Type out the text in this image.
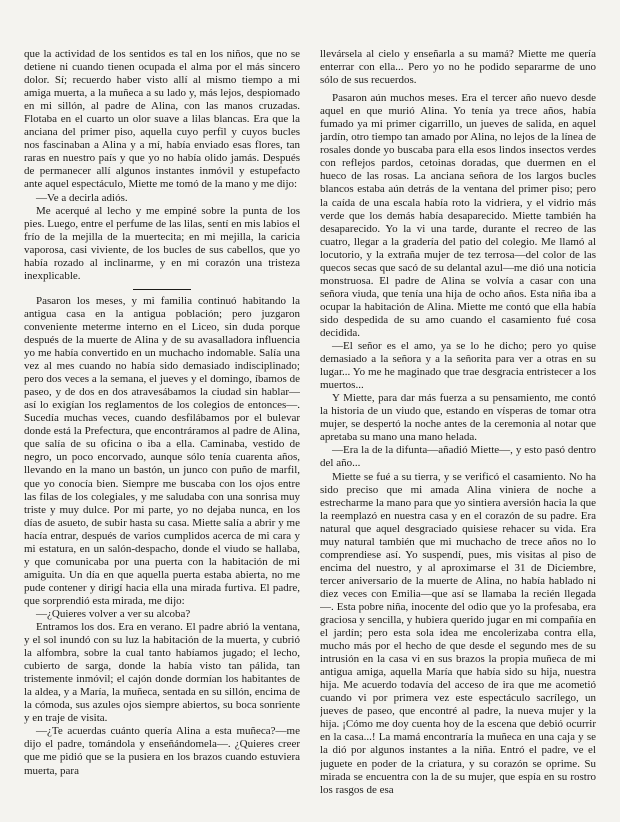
que la actividad de los sentidos es tal en los niños, que no se detiene ni cuando tienen ocupada el alma por el más sincero dolor. Sí; recuerdo haber visto allí al mismo tiempo a mi amiga muerta, a la muñeca a su lado y, más lejos, despiomado en mi sillón, al padre de Alina, con las manos cruzadas. Flotaba en el cuarto un olor suave a lilas blancas. Era que la anciana del primer piso, aquella cuyo perfil y cuyos bucles nos fascinaban a Alina y a mí, había enviado esas flores, tan raras en nuestro país y que yo no había olido jamás. Después de permanecer allí algunos instantes inmóvil y estupefacto ante aquel espectáculo, Miette me tomó de la mano y me dijo:

—Ve a decirla adiós.

Me acerqué al lecho y me empiné sobre la punta de los pies. Luego, entre el perfume de las lilas, sentí en mis labios el frío de la mejilla de la muertecita; en mi mejilla, la caricia vaporosa, casi viviente, de los bucles de sus cabellos, que yo había rozado al inclinarme, y en mi corazón una tristeza inexplicable.

Pasaron los meses, y mi familia continuó habitando la antigua casa en la antigua población; pero juzgaron conveniente meterme interno en el Liceo, sin duda porque después de la muerte de Alina y de su avasalladora influencia yo me había convertido en un muchacho indomable. Salía una vez al mes cuando no había sido demasiado indisciplinado; pero dos veces a la semana, el jueves y el domingo, íbamos de paseo, y de dos en dos atravesábamos la ciudad sin hablar—así lo exigían los reglamentos de los colegios de entonces—. Sucedía muchas veces, cuando desfilábamos por el bulevar donde está la Prefectura, que encontráramos al padre de Alina, que salía de su oficina o iba a ella. Caminaba, vestido de negro, un poco encorvado, aunque sólo tenía cuarenta años, llevando en la mano un bastón, un junco con puño de marfil, que yo conocía bien. Siempre me buscaba con los ojos entre las filas de los colegiales, y me saludaba con una sonrisa muy triste y muy dulce. Por mi parte, yo no dejaba nunca, en los días de asueto, de subir hasta su casa. Miette salía a abrir y me hacía entrar, después de varios cumplidos acerca de mi cara y mi estatura, en un salón-despacho, donde el viudo se hallaba, y que comunicaba por una puerta con la habitación de mi amiguita. Un día en que aquella puerta estaba abierta, no me pude contener y dirigí hacia ella una mirada furtiva. El padre, que sorprendió esta mirada, me dijo:

—¿Quieres volver a ver su alcoba?

Entramos los dos. Era en verano. El padre abrió la ventana, y el sol inundó con su luz la habitación de la muerta, y cubrió la alfombra, sobre la cual tanto habíamos jugado; el lecho, cubierto de sarga, donde la había visto tan pálida, tan tristemente inmóvil; el cajón donde dormían los habitantes de la aldea, y a María, la muñeca, sentada en su sillón, encima de la cómoda, sus azules ojos siempre abiertos, su boca sonriente y en traje de visita.

—¿Te acuerdas cuánto quería Alina a esta muñeca?—me dijo el padre, tomándola y enseñándomela—. ¿Quieres creer que me pidió que se la pusiera en los brazos cuando estuviera muerta, para

llevársela al cielo y enseñarla a su mamá? Miette me quería enterrar con ella... Pero yo no he podido separarme de uno sólo de sus recuerdos.

Pasaron aún muchos meses. Era el tercer año nuevo desde aquel en que murió Alina. Yo tenía ya trece años, había fumado ya mi primer cigarrillo, un jueves de salida, en aquel jardín, otro tiempo tan amado por Alina, no lejos de la línea de rosales donde yo buscaba para ella esos lindos insectos verdes con reflejos pardos, cetoinas doradas, que duermen en el hueco de las rosas. La anciana señora de los largos bucles blancos estaba aún detrás de la ventana del primer piso; pero la caída de una escala había roto la vidriera, y el vidrio más verde que los demás había desaparecido. Miette también ha desaparecido. Yo la vi una tarde, durante el recreo de las cuatro, llegar a la gradería del patio del colegio. Me llamó al locutorio, y la extraña mujer de tez terrosa—del color de las quecos secas que sacó de su delantal azul—me dió una noticia monstruosa. El padre de Alina se volvía a casar con una señora viuda, que tenía una hija de ocho años. Esta niña iba a ocupar la habitación de Alina. Miette me contó que ella había sido despedida de su amo cuando el casamiento fué cosa decidida.

—El señor es el amo, ya se lo he dicho; pero yo quise demasiado a la señora y a la señorita para ver a otras en su lugar... Yo me he maginado que trae desgracia entristecer a los muertos...

Y Miette, para dar más fuerza a su pensamiento, me contó la historia de un viudo que, estando en vísperas de tomar otra mujer, se despertó la noche antes de la ceremonia al notar que apretaba su mano una mano helada.

—Era la de la difunta—añadió Miette—, y esto pasó dentro del año...

Miette se fué a su tierra, y se verificó el casamiento. No ha sido preciso que mi amada Alina viniera de noche a estrecharme la mano para que yo sintiera aversión hacia la que la reemplazó en nuestra casa y en el corazón de su padre. Era natural que aquel desgraciado quisiese rehacer su vida. Era muy natural también que mi muchacho de trece años no lo comprendiese así. Yo suspendí, pues, mis visitas al piso de encima del nuestro, y al aproximarse el 31 de Diciembre, tercer aniversario de la muerte de Alina, no había hablado ni diez veces con Emilia—que así se llamaba la recién llegada—. Esta pobre niña, inocente del odio que yo la profesaba, era graciosa y sencilla, y hubiera querido jugar en mi compañía en el jardín; pero esta sola idea me encolerizaba contra ella, mucho más por el hecho de que desde el segundo mes de su intrusión en la casa vi en sus brazos la propia muñeca de mi antigua amiga, aquella María que había sido su hija, nuestra hija. Me acuerdo todavía del acceso de ira que me acometió cuando vi por primera vez este espectáculo sacrílego, un jueves de paseo, que encontré al padre, la nueva mujer y la hija. ¡Cómo me doy cuenta hoy de la escena que debió ocurrir en la casa...! La mamá encontraría la muñeca en una caja y se la dió por algunos instantes a la niña. Entró el padre, ve el juguete en poder de la criatura, y su corazón se oprime. Su mirada se encuentra con la de su mujer, que espía en su rostro los rasgos de esa
